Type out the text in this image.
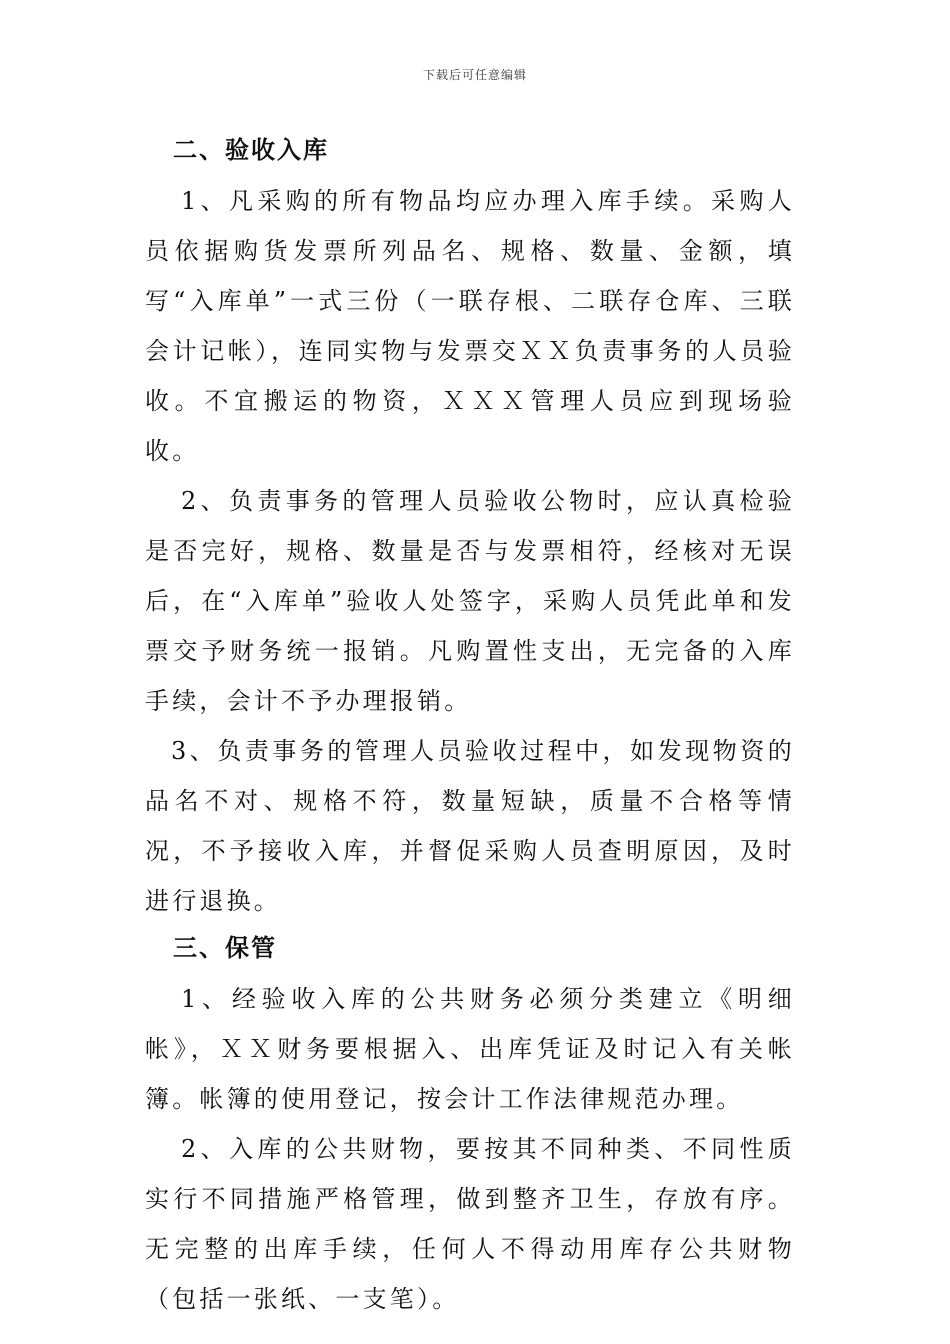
下载后可任意编辑
二、验收入库

1、凡采购的所有物品均应办理入库手续。采购人员依据购货发票所列品名、规格、数量、金额，填写“入库单”一式三份（一联存根、二联存仓库、三联会计记帐），连同实物与发票交ＸＸ负责事务的人员验收。不宜搬运的物资，ＸＸＸ管理人员应到现场验收。

2、负责事务的管理人员验收公物时，应认真检验是否完好，规格、数量是否与发票相符，经核对无误后，在“入库单”验收人处签字，采购人员凭此单和发票交予财务统一报销。凡购置性支出，无完备的入库手续，会计不予办理报销。

3、负责事务的管理人员验收过程中，如发现物资的品名不对、规格不符，数量短缺，质量不合格等情况，不予接收入库，并督促采购人员查明原因，及时进行退换。

三、保管

1、经验收入库的公共财务必须分类建立《明细帐》，ＸＸ财务要根据入、出库凭证及时记入有关帐簿。帐簿的使用登记，按会计工作法律规范办理。

2、入库的公共财物，要按其不同种类、不同性质实行不同措施严格管理，做到整齐卫生，存放有序。无完整的出库手续，任何人不得动用库存公共财物（包括一张纸、一支笔）。
